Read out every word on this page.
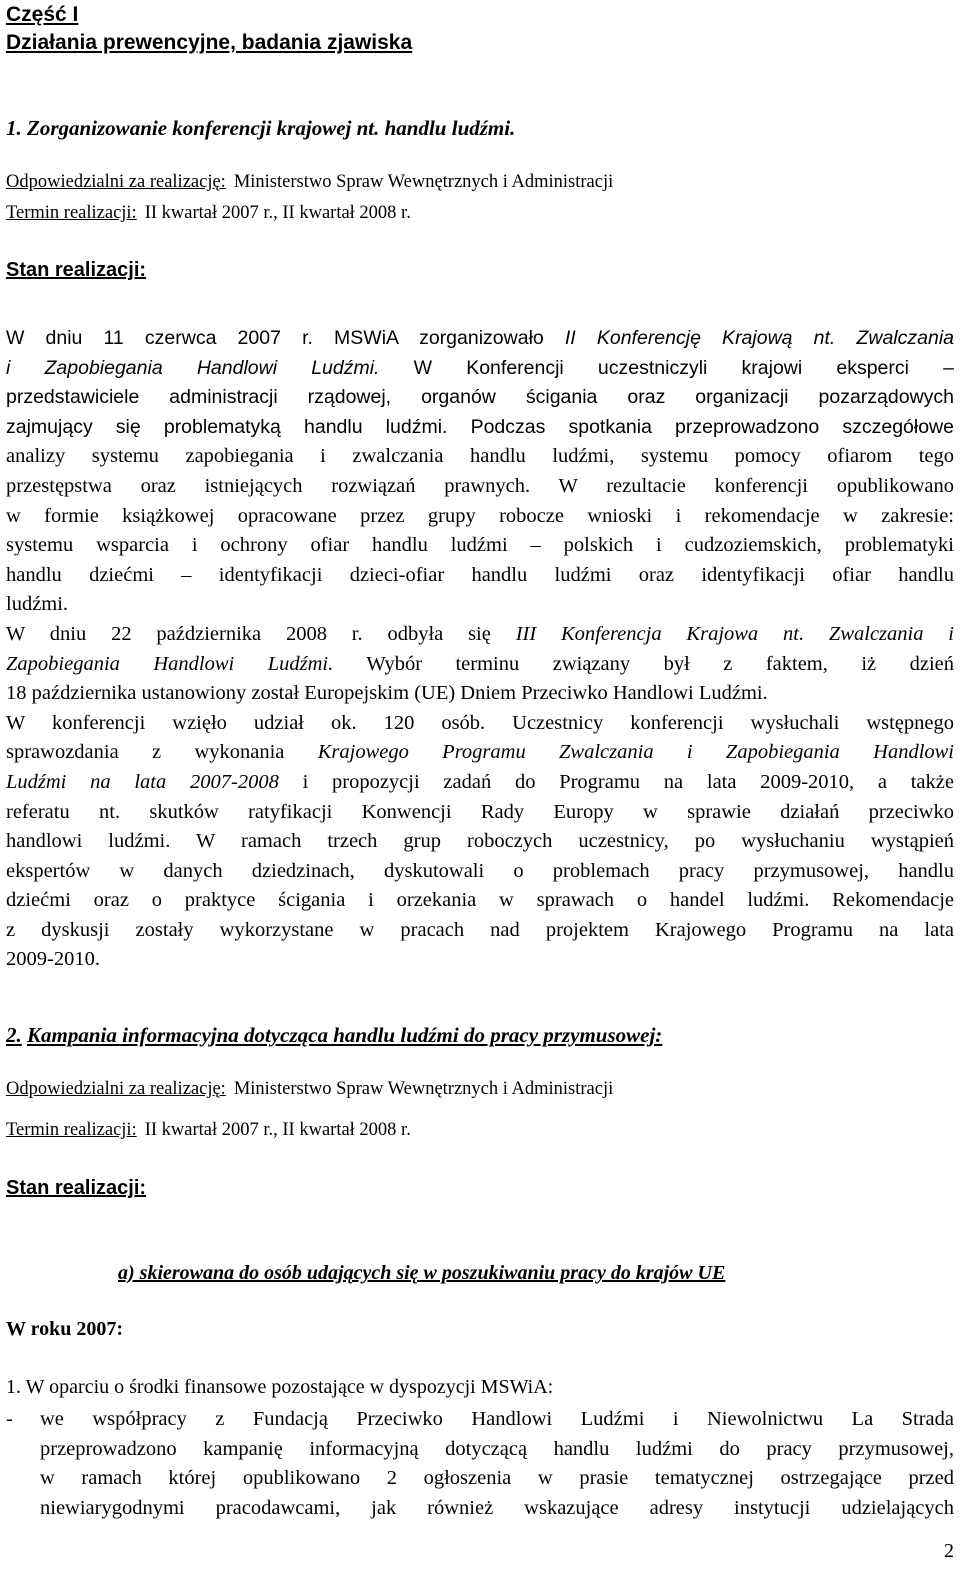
Część I
Działania prewencyjne, badania zjawiska
1. Zorganizowanie konferencji krajowej nt. handlu ludźmi.
Odpowiedzialni za realizację: Ministerstwo Spraw Wewnętrznych i Administracji
Termin realizacji: II kwartał 2007 r., II kwartał 2008 r.
Stan realizacji:
W dniu 11 czerwca 2007 r. MSWiA zorganizowało II Konferencję Krajową nt. Zwalczania
i Zapobiegania Handlowi Ludźmi. W Konferencji uczestniczyli krajowi eksperci –
przedstawiciele administracji rządowej, organów ścigania oraz organizacji pozarządowych
zajmujący się problematyką handlu ludźmi. Podczas spotkania przeprowadzono szczegółowe
analizy systemu zapobiegania i zwalczania handlu ludźmi, systemu pomocy ofiarom tego
przestępstwa oraz istniejących rozwiązań prawnych. W rezultacie konferencji opublikowano
w formie książkowej opracowane przez grupy robocze wnioski i rekomendacje w zakresie:
systemu wsparcia i ochrony ofiar handlu ludźmi – polskich i cudzoziemskich, problematyki
handlu dziećmi – identyfikacji dzieci-ofiar handlu ludźmi oraz identyfikacji ofiar handlu
ludźmi.
W dniu 22 października 2008 r. odbyła się III Konferencja Krajowa nt. Zwalczania i
Zapobiegania Handlowi Ludźmi. Wybór terminu związany był z faktem, iż dzień
18 października ustanowiony został Europejskim (UE) Dniem Przeciwko Handlowi Ludźmi.
W konferencji wzięło udział ok. 120 osób. Uczestnicy konferencji wysłuchali wstępnego
sprawozdania z wykonania Krajowego Programu Zwalczania i Zapobiegania Handlowi
Ludźmi na lata 2007-2008 i propozycji zadań do Programu na lata 2009-2010, a także
referatu nt. skutków ratyfikacji Konwencji Rady Europy w sprawie działań przeciwko
handlowi ludźmi. W ramach trzech grup roboczych uczestnicy, po wysłuchaniu wystąpień
ekspertów w danych dziedzinach, dyskutowali o problemach pracy przymusowej, handlu
dziećmi oraz o praktyce ścigania i orzekania w sprawach o handel ludźmi. Rekomendacje
z dyskusji zostały wykorzystane w pracach nad projektem Krajowego Programu na lata
2009-2010.
2. Kampania informacyjna dotycząca handlu ludźmi do pracy przymusowej:
Odpowiedzialni za realizację: Ministerstwo Spraw Wewnętrznych i Administracji
Termin realizacji: II kwartał 2007 r., II kwartał 2008 r.
Stan realizacji:
a) skierowana do osób udających się w poszukiwaniu pracy do krajów UE
W roku 2007:
1. W oparciu o środki finansowe pozostające w dyspozycji MSWiA:
- we współpracy z Fundacją Przeciwko Handlowi Ludźmi i Niewolnictwu La Strada
przeprowadzono kampanię informacyjną dotyczącą handlu ludźmi do pracy przymusowej,
w ramach której opublikowano 2 ogłoszenia w prasie tematycznej ostrzegające przed
niewiarygodnymi pracodawcami, jak również wskazujące adresy instytucji udzielających
2
